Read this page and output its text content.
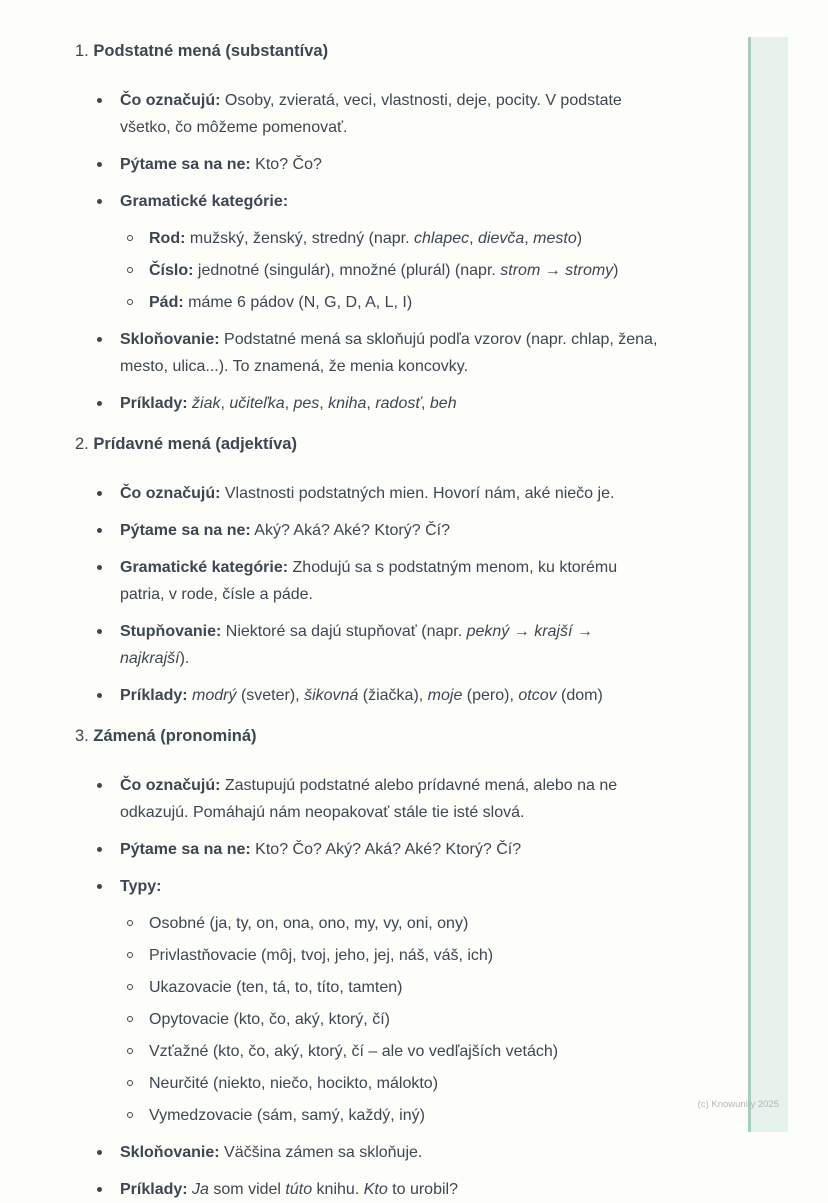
1. Podstatné mená (substantíva)
Čo označujú: Osoby, zvieratá, veci, vlastnosti, deje, pocity. V podstate všetko, čo môžeme pomenovať.
Pýtame sa na ne: Kto? Čo?
Gramatické kategórie:
Rod: mužský, ženský, stredný (napr. chlapec, dievča, mesto)
Číslo: jednotné (singulár), množné (plurál) (napr. strom → stromy)
Pád: máme 6 pádov (N, G, D, A, L, I)
Skloňovanie: Podstatné mená sa skloňujú podľa vzorov (napr. chlap, žena, mesto, ulica...). To znamená, že menia koncovky.
Príklady: žiak, učiteľka, pes, kniha, radosť, beh
2. Prídavné mená (adjektíva)
Čo označujú: Vlastnosti podstatných mien. Hovorí nám, aké niečo je.
Pýtame sa na ne: Aký? Aká? Aké? Ktorý? Čí?
Gramatické kategórie: Zhodujú sa s podstatným menom, ku ktorému patria, v rode, čísle a páde.
Stupňovanie: Niektoré sa dajú stupňovať (napr. pekný → krajší → najkrajší).
Príklady: modrý (sveter), šikovná (žiačka), moje (pero), otcov (dom)
3. Zámená (pronominá)
Čo označujú: Zastupujú podstatné alebo prídavné mená, alebo na ne odkazujú. Pomáhajú nám neopakovať stále tie isté slová.
Pýtame sa na ne: Kto? Čo? Aký? Aká? Aké? Ktorý? Čí?
Typy:
Osobné (ja, ty, on, ona, ono, my, vy, oni, ony)
Privlastňovacie (môj, tvoj, jeho, jej, náš, váš, ich)
Ukazovacie (ten, tá, to, títo, tamten)
Opytovacie (kto, čo, aký, ktorý, čí)
Vzťažné (kto, čo, aký, ktorý, čí – ale vo vedľajších vetách)
Neurčité (niekto, niečo, hocikto, málokto)
Vymedzovacie (sám, samý, každý, iný)
Skloňovanie: Väčšina zámen sa skloňuje.
Príklady: Ja som videl túto knihu. Kto to urobil?
(c) Knowunity 2025
